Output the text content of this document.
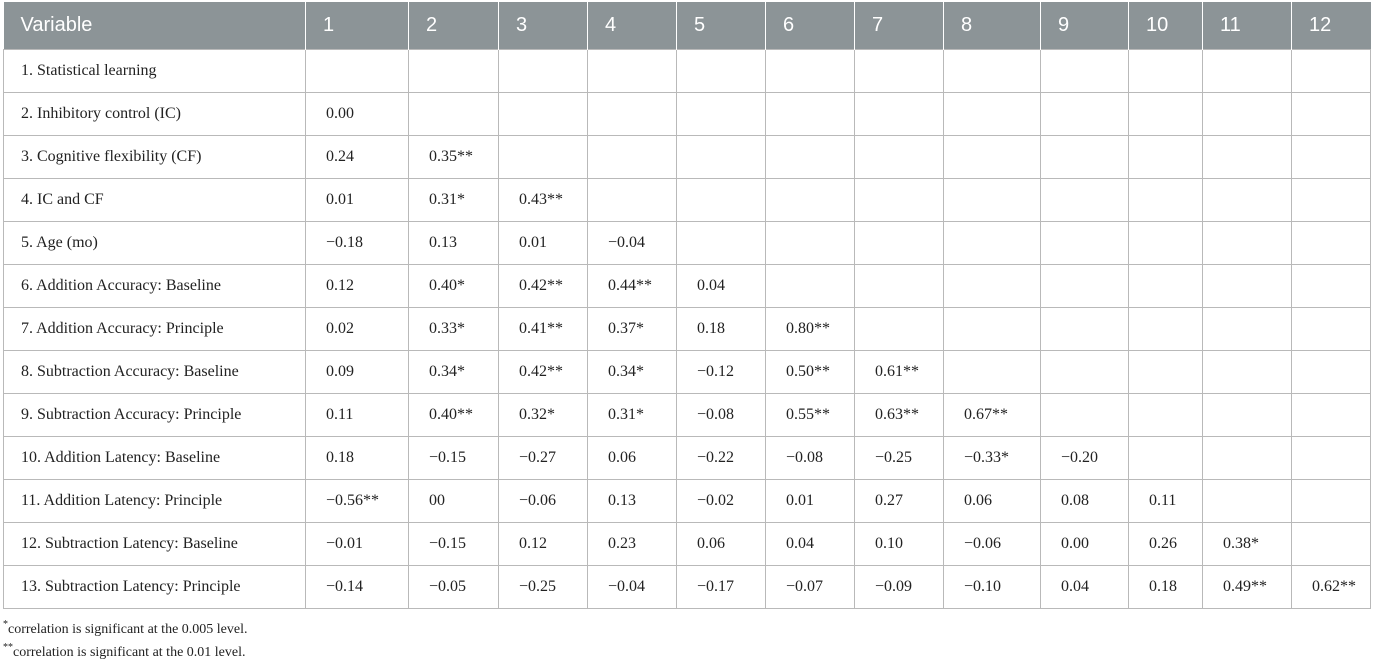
Variable	1	2	3	4	5	6	7	8	9	10	11	12
1. Statistical learning												
2. Inhibitory control (IC)	0.00											
3. Cognitive flexibility (CF)	0.24	0.35**										
4. IC and CF	0.01	0.31*	0.43**									
5. Age (mo)	−0.18	0.13	0.01	−0.04								
6. Addition Accuracy: Baseline	0.12	0.40*	0.42**	0.44**	0.04							
7. Addition Accuracy: Principle	0.02	0.33*	0.41**	0.37*	0.18	0.80**						
8. Subtraction Accuracy: Baseline	0.09	0.34*	0.42**	0.34*	−0.12	0.50**	0.61**					
9. Subtraction Accuracy: Principle	0.11	0.40**	0.32*	0.31*	−0.08	0.55**	0.63**	0.67**				
10. Addition Latency: Baseline	0.18	−0.15	−0.27	0.06	−0.22	−0.08	−0.25	−0.33*	−0.20			
11. Addition Latency: Principle	−0.56**	00	−0.06	0.13	−0.02	0.01	0.27	0.06	0.08	0.11		
12. Subtraction Latency: Baseline	−0.01	−0.15	0.12	0.23	0.06	0.04	0.10	−0.06	0.00	0.26	0.38*	
13. Subtraction Latency: Principle	−0.14	−0.05	−0.25	−0.04	−0.17	−0.07	−0.09	−0.10	0.04	0.18	0.49**	0.62**
*correlation is significant at the 0.005 level.
**correlation is significant at the 0.01 level.
